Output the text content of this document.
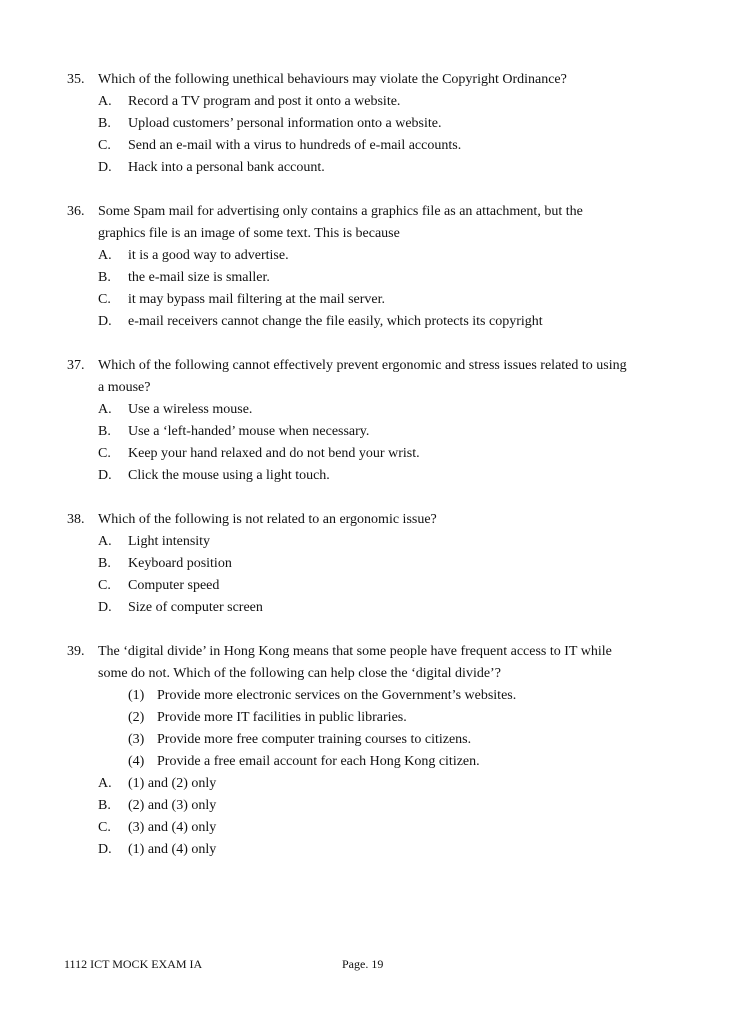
35. Which of the following unethical behaviours may violate the Copyright Ordinance?
A. Record a TV program and post it onto a website.
B. Upload customers’ personal information onto a website.
C. Send an e-mail with a virus to hundreds of e-mail accounts.
D. Hack into a personal bank account.
36. Some Spam mail for advertising only contains a graphics file as an attachment, but the
graphics file is an image of some text. This is because
A. it is a good way to advertise.
B. the e-mail size is smaller.
C. it may bypass mail filtering at the mail server.
D. e-mail receivers cannot change the file easily, which protects its copyright
37. Which of the following cannot effectively prevent ergonomic and stress issues related to using
a mouse?
A. Use a wireless mouse.
B. Use a ‘left-handed’ mouse when necessary.
C. Keep your hand relaxed and do not bend your wrist.
D. Click the mouse using a light touch.
38. Which of the following is not related to an ergonomic issue?
A. Light intensity
B. Keyboard position
C. Computer speed
D. Size of computer screen
39. The ‘digital divide’ in Hong Kong means that some people have frequent access to IT while
some do not. Which of the following can help close the ‘digital divide’?
(1) Provide more electronic services on the Government’s websites.
(2) Provide more IT facilities in public libraries.
(3) Provide more free computer training courses to citizens.
(4) Provide a free email account for each Hong Kong citizen.
A. (1) and (2) only
B. (2) and (3) only
C. (3) and (4) only
D. (1) and (4) only
1112 ICT MOCK EXAM IA	Page. 19
